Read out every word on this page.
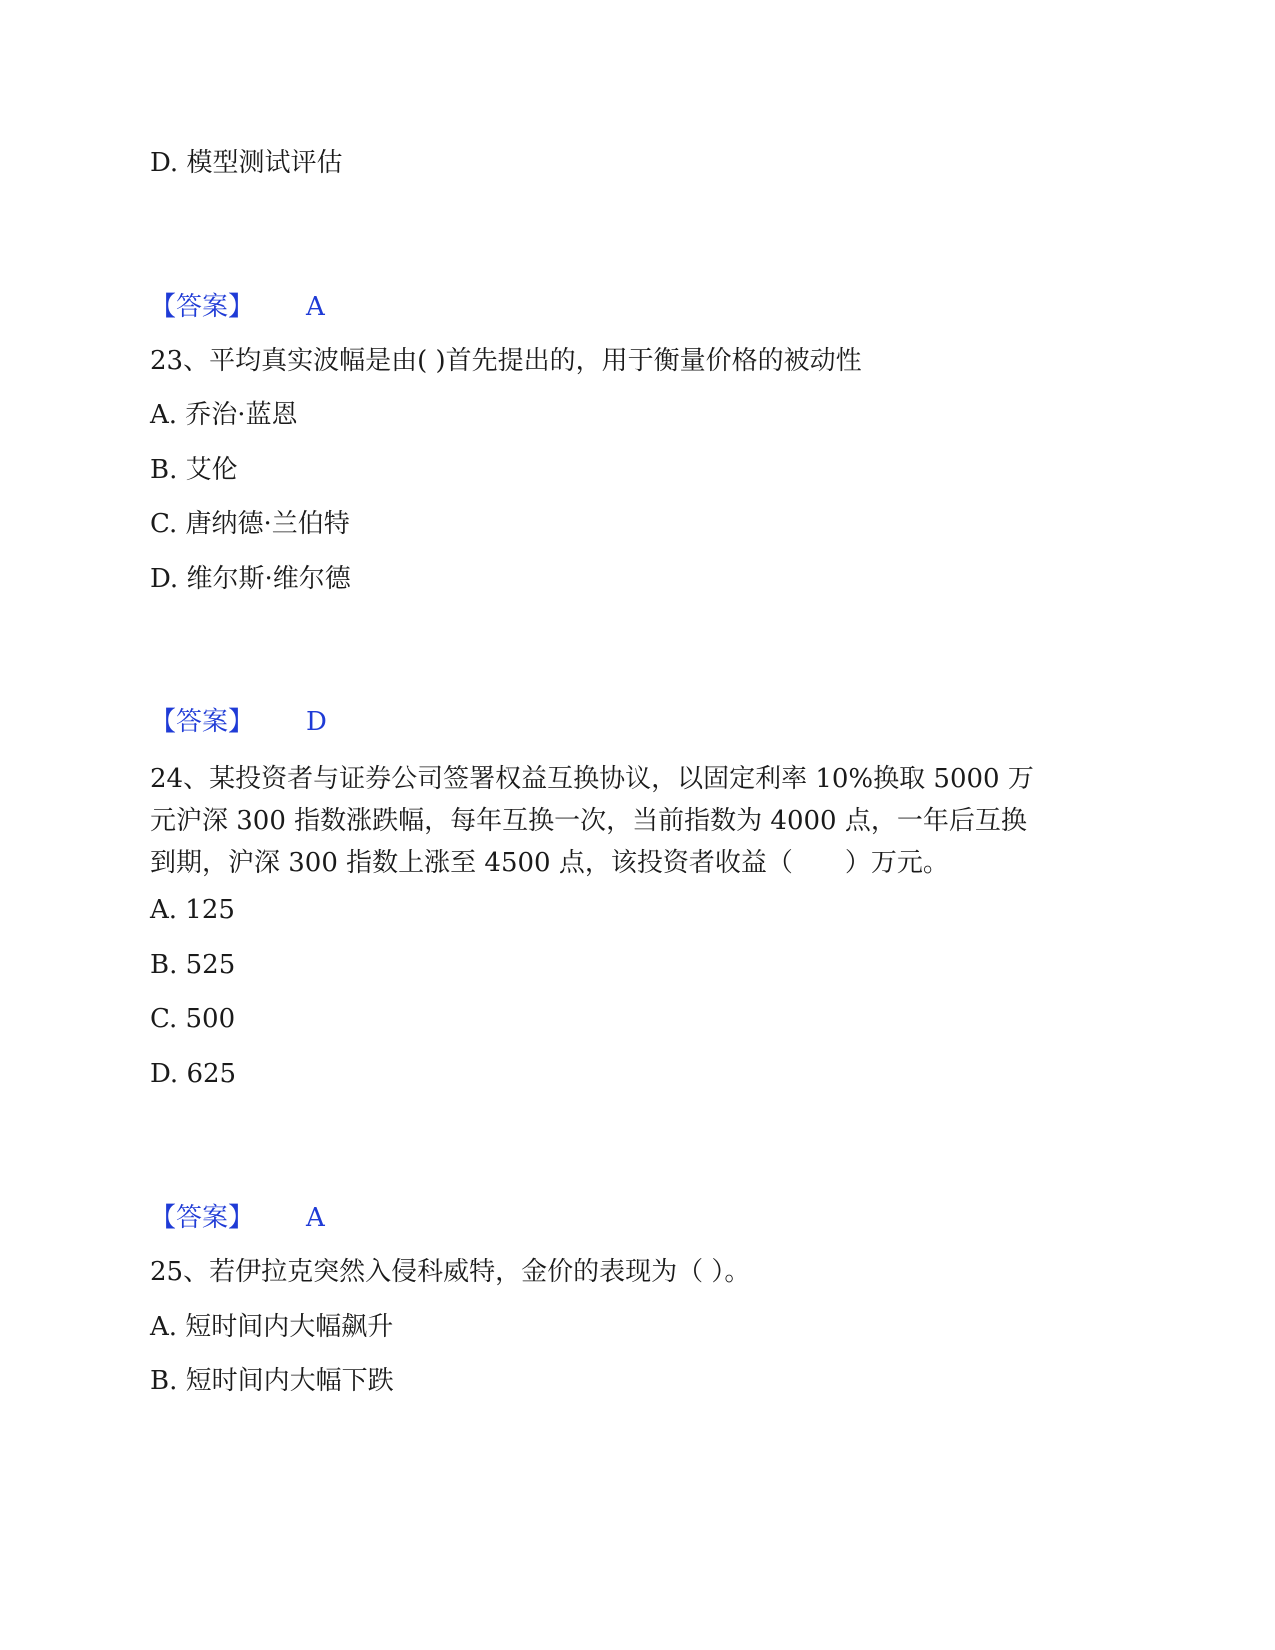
D. 模型测试评估
【答案】 A
23、平均真实波幅是由( )首先提出的，用于衡量价格的被动性
A. 乔治·蓝恩
B. 艾伦
C. 唐纳德·兰伯特
D. 维尔斯·维尔德
【答案】 D
24、某投资者与证券公司签署权益互换协议，以固定利率 10%换取 5000 万
元沪深 300 指数涨跌幅，每年互换一次，当前指数为 4000 点，一年后互换
到期，沪深 300 指数上涨至 4500 点，该投资者收益（　　）万元。
A. 125
B. 525
C. 500
D. 625
【答案】 A
25、若伊拉克突然入侵科威特，金价的表现为（ ）。
A. 短时间内大幅飙升
B. 短时间内大幅下跌
